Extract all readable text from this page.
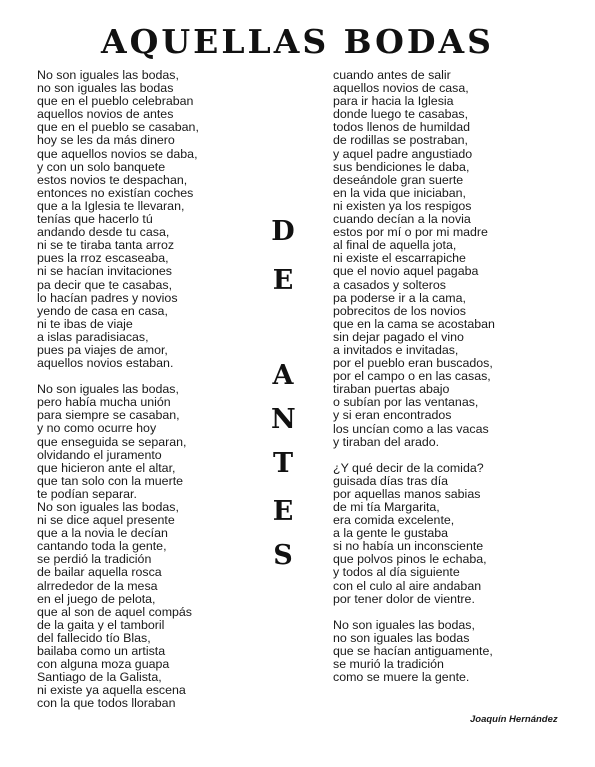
AQUELLAS BODAS
No son iguales las bodas,
no son iguales las bodas
que en el pueblo celebraban
aquellos novios de antes
que en el pueblo se casaban,
hoy se les da más dinero
que aquellos novios se daba,
y con un solo banquete
estos novios te despachan,
entonces no existían coches
que a la Iglesia te llevaran,
tenías que hacerlo tú
andando desde tu casa,
ni se te tiraba tanta arroz
pues la rroz escaseaba,
ni se hacían invitaciones
pa decir que te casabas,
lo hacían padres y novios
yendo de casa en casa,
ni te ibas de viaje
a islas paradisiacas,
pues pa viajes de amor,
aquellos novios estaban.
No son iguales las bodas,
pero había mucha unión
para siempre se casaban,
y no como ocurre hoy
que enseguida se separan,
olvidando el juramento
que hicieron ante el altar,
que tan solo con la muerte
te podían separar.
No son iguales las bodas,
ni se dice aquel presente
que a la novia le decían
cantando toda la gente,
se perdió la tradición
de bailar aquella rosca
alrrededor de la mesa
en el juego de pelota,
que al son de aquel compás
de la gaita y el tamboril
del fallecido tío Blas,
bailaba como un artista
con alguna moza guapa
Santiago de la Galista,
ni existe ya aquella escena
con la que todos lloraban
cuando antes de salir
aquellos novios de casa,
para ir hacia la Iglesia
donde luego te casabas,
todos llenos de humildad
de rodillas se postraban,
y aquel padre angustiado
sus bendiciones le daba,
deseándole gran suerte
en la vida que iniciaban,
ni existen ya los respigos
cuando decían a la novia
estos por mí o por mi madre
al final de aquella jota,
ni existe el escarrapiche
que el novio aquel pagaba
a casados y solteros
pa poderse ir a la cama,
pobrecitos de los novios
que en la cama se acostaban
sin dejar pagado el vino
a invitados e invitadas,
por el pueblo eran buscados,
por el campo o en las casas,
tiraban puertas abajo
o subían por las ventanas,
y si eran encontrados
los uncían como a las vacas
y tiraban del arado.
¿Y qué decir de la comida?
guisada días tras día
por aquellas manos sabias
de mi tía Margarita,
era comida excelente,
a la gente le gustaba
si no había un inconsciente
que polvos pinos le echaba,
y todos al día siguiente
con el culo al aire andaban
por tener dolor de vientre.
No son iguales las bodas,
no son iguales las bodas
que se hacían antiguamente,
se murió la tradición
como se muere la gente.
D
E
A
N
T
E
S
Joaquín Hernández
